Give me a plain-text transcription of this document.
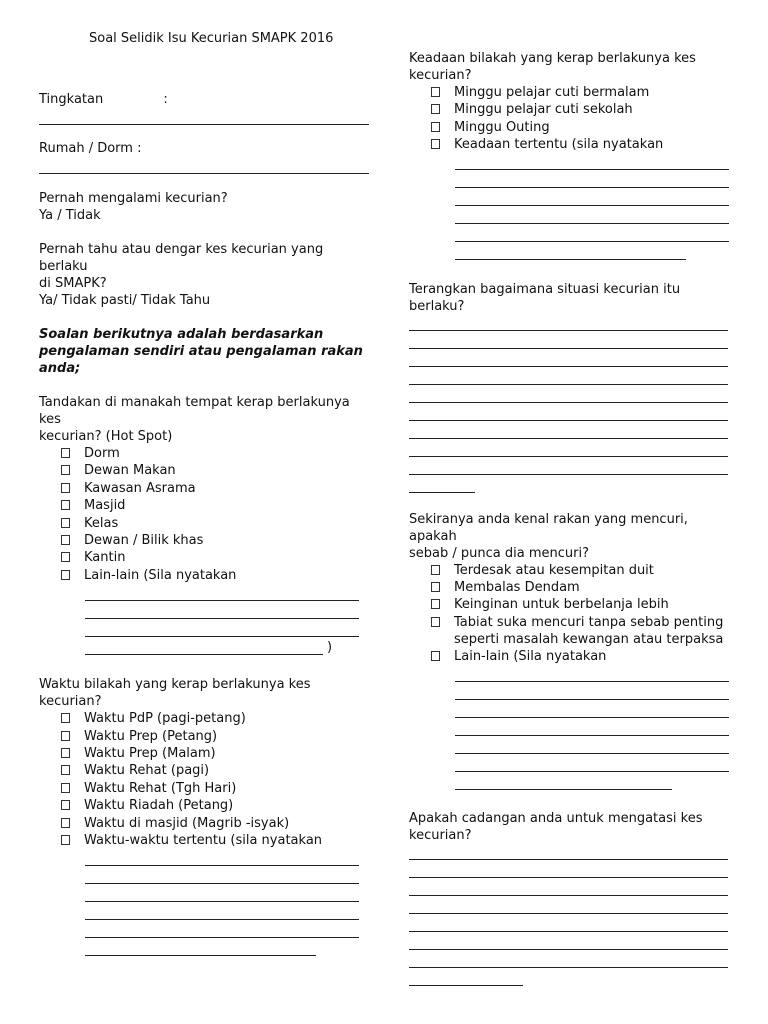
Soal Selidik Isu Kecurian SMAPK 2016
Tingkatan	:
Rumah / Dorm :
Pernah mengalami kecurian?
Ya / Tidak
Pernah tahu atau dengar kes kecurian yang berlaku
di SMAPK?
Ya/ Tidak pasti/ Tidak Tahu
Soalan berikutnya adalah berdasarkan
pengalaman sendiri atau pengalaman rakan
anda;
Tandakan di manakah tempat kerap berlakunya kes
kecurian? (Hot Spot)
Dorm
Dewan Makan
Kawasan Asrama
Masjid
Kelas
Dewan / Bilik khas
Kantin
Lain-lain (Sila nyatakan
)
Waktu bilakah yang kerap berlakunya kes kecurian?
Waktu PdP (pagi-petang)
Waktu Prep (Petang)
Waktu Prep (Malam)
Waktu Rehat (pagi)
Waktu Rehat (Tgh Hari)
Waktu Riadah (Petang)
Waktu di masjid (Magrib -isyak)
Waktu-waktu tertentu (sila nyatakan
Keadaan bilakah yang kerap berlakunya kes
kecurian?
Minggu pelajar cuti bermalam
Minggu pelajar cuti sekolah
Minggu Outing
Keadaan tertentu (sila nyatakan
Terangkan bagaimana situasi kecurian itu berlaku?
Sekiranya anda kenal rakan yang mencuri, apakah
sebab / punca dia mencuri?
Terdesak atau kesempitan duit
Membalas Dendam
Keinginan untuk berbelanja lebih
Tabiat suka mencuri tanpa sebab penting
seperti masalah kewangan atau terpaksa
Lain-lain (Sila nyatakan
Apakah cadangan anda untuk mengatasi kes
kecurian?
